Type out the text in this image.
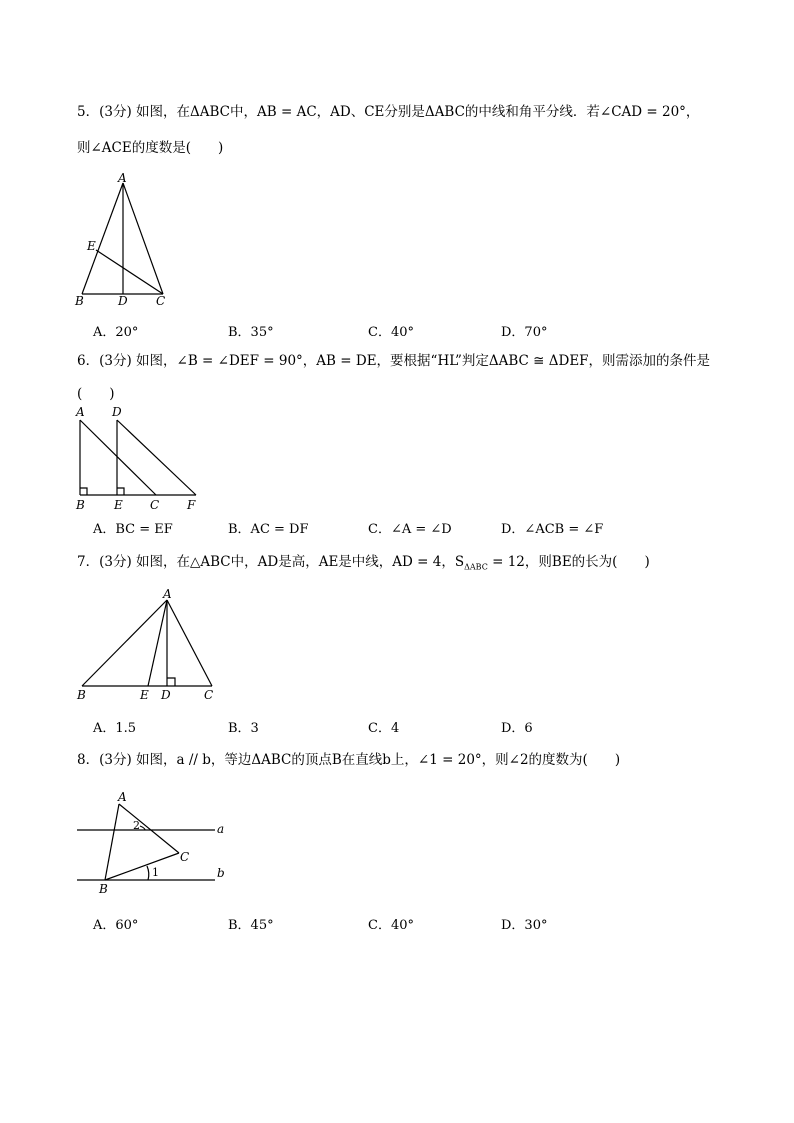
5．(3分) 如图，在ΔABC中，AB = AC，AD、CE分别是ΔABC的中线和角平分线．若∠CAD = 20°，
则∠ACE的度数是(　　)
A
E
B	D C
A．20°	B．35°	C．40°	D．70°
6．(3分) 如图，∠B = ∠DEF = 90°，AB = DE，要根据“HL”判定ΔABC ≅ ΔDEF，则需添加的条件是
(　　)
A D
B E C F
A．BC = EF	B．AC = DF	C．∠A = ∠D	D．∠ACB = ∠F
7．(3分) 如图，在△ABC中，AD是高，AE是中线，AD = 4，$S_{\Delta ABC} = 12$，则BE的长为(　　)
A
B	E D	C
A．1.5	B．3	C．4	D．6
8．(3分) 如图，a // b，等边ΔABC的顶点B在直线b上，∠1 = 20°，则∠2的度数为(　　)
A
2	a
C
1	b
B
A．60°	B．45°	C．40°	D．30°
